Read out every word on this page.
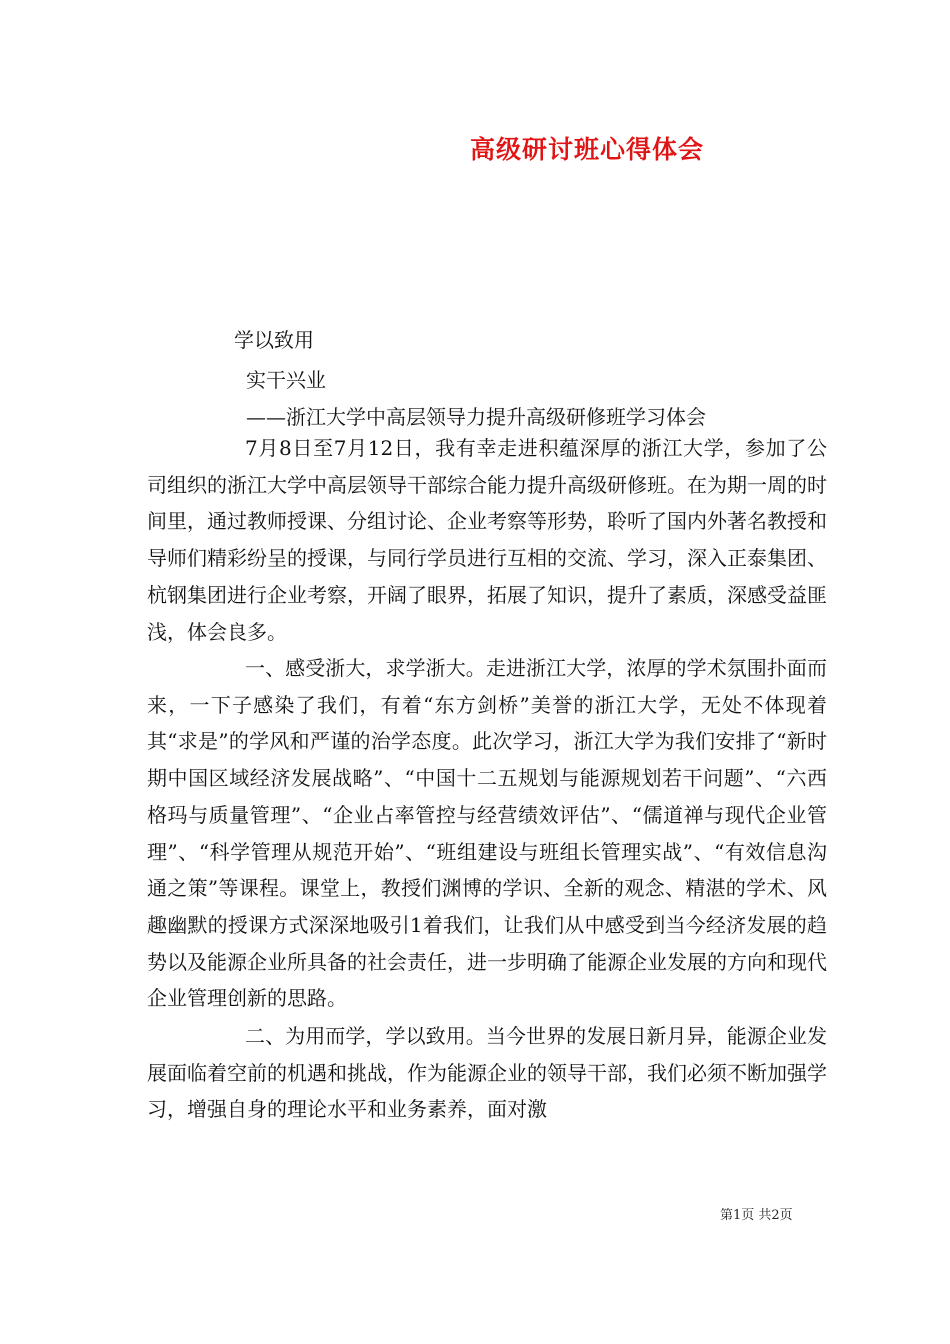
高级研讨班心得体会
学以致用
实干兴业
——浙江大学中高层领导力提升高级研修班学习体会
7月8日至7月12日，我有幸走进积蕴深厚的浙江大学，参加了公司组织的浙江大学中高层领导干部综合能力提升高级研修班。在为期一周的时间里，通过教师授课、分组讨论、企业考察等形势，聆听了国内外著名教授和导师们精彩纷呈的授课，与同行学员进行互相的交流、学习，深入正泰集团、杭钢集团进行企业考察，开阔了眼界，拓展了知识，提升了素质，深感受益匪浅，体会良多。
一、感受浙大，求学浙大。走进浙江大学，浓厚的学术氛围扑面而来，一下子感染了我们，有着“东方剑桥”美誉的浙江大学，无处不体现着其“求是”的学风和严谨的治学态度。此次学习，浙江大学为我们安排了“新时期中国区域经济发展战略”、“中国十二五规划与能源规划若干问题”、“六西格玛与质量管理”、“企业占率管控与经营绩效评估”、“儒道禅与现代企业管理”、“科学管理从规范开始”、“班组建设与班组长管理实战”、“有效信息沟通之策”等课程。课堂上，教授们渊博的学识、全新的观念、精湛的学术、风趣幽默的授课方式深深地吸引1着我们，让我们从中感受到当今经济发展的趋势以及能源企业所具备的社会责任，进一步明确了能源企业发展的方向和现代企业管理创新的思路。
二、为用而学，学以致用。当今世界的发展日新月异，能源企业发展面临着空前的机遇和挑战，作为能源企业的领导干部，我们必须不断加强学习，增强自身的理论水平和业务素养，面对激
第1页 共2页
